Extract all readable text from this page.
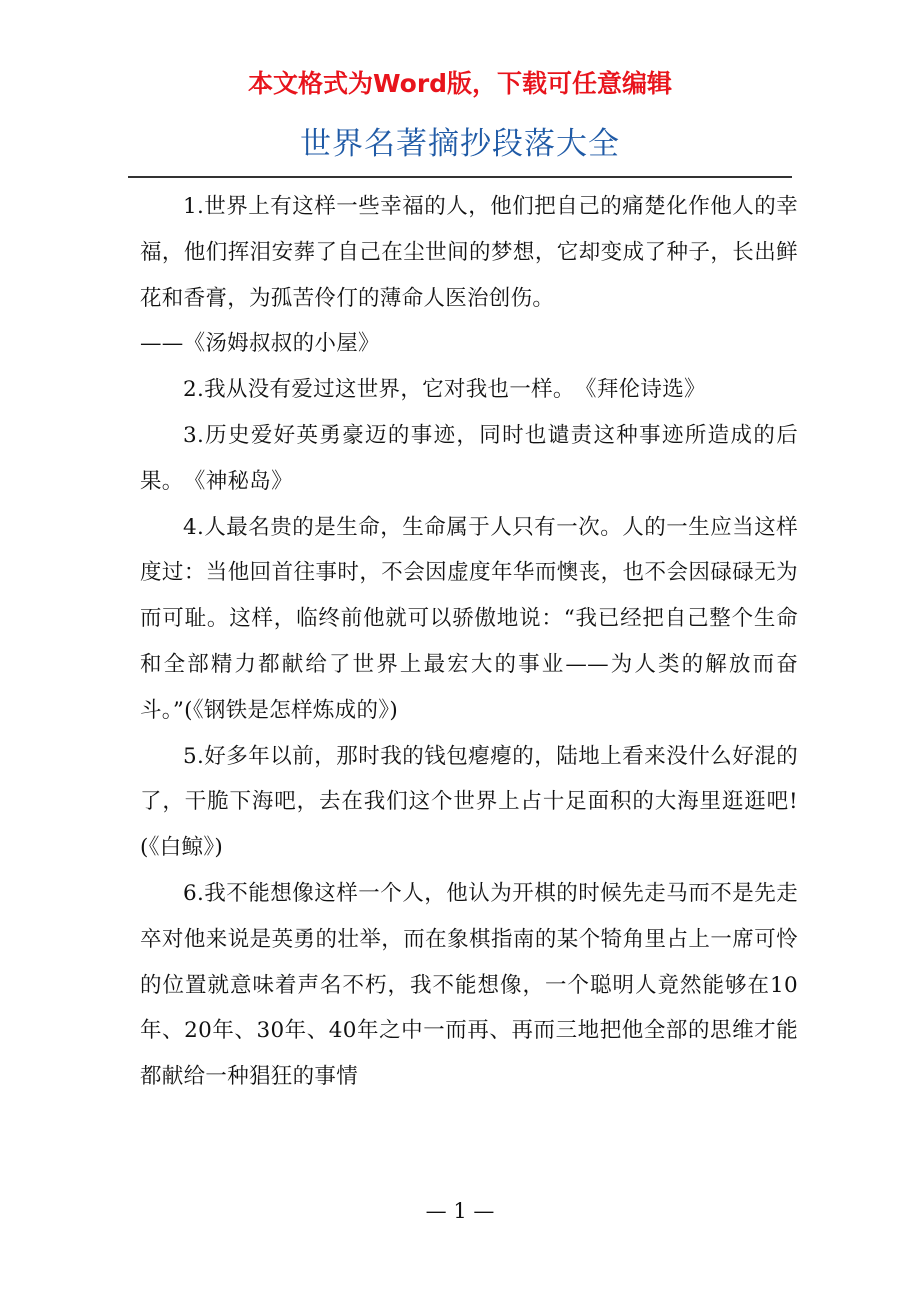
本文格式为Word版，下载可任意编辑
世界名著摘抄段落大全

1.世界上有这样一些幸福的人，他们把自己的痛楚化作他人的幸福，他们挥泪安葬了自己在尘世间的梦想，它却变成了种子，长出鲜花和香膏，为孤苦伶仃的薄命人医治创伤。

——《汤姆叔叔的小屋》

2.我从没有爱过这世界，它对我也一样。　《拜伦诗选》

3.历史爱好英勇豪迈的事迹，同时也谴责这种事迹所造成的后果。　《神秘岛》

4.人最名贵的是生命，生命属于人只有一次。人的一生应当这样度过：当他回首往事时，不会因虚度年华而懊丧，也不会因碌碌无为而可耻。这样，临终前他就可以骄傲地说：“我已经把自己整个生命和全部精力都献给了世界上最宏大的事业——为人类的解放而奋斗。”(《钢铁是怎样炼成的》)

5.好多年以前，那时我的钱包瘪瘪的，陆地上看来没什么好混的了，干脆下海吧，去在我们这个世界上占十足面积的大海里逛逛吧! (《白鲸》)

6.我不能想像这样一个人，他认为开棋的时候先走马而不是先走卒对他来说是英勇的壮举，而在象棋指南的某个犄角里占上一席可怜的位置就意味着声名不朽，我不能想像，一个聪明人竟然能够在10年、20年、30年、40年之中一而再、再而三地把他全部的思维才能都献给一种猖狂的事情

— 1 —
